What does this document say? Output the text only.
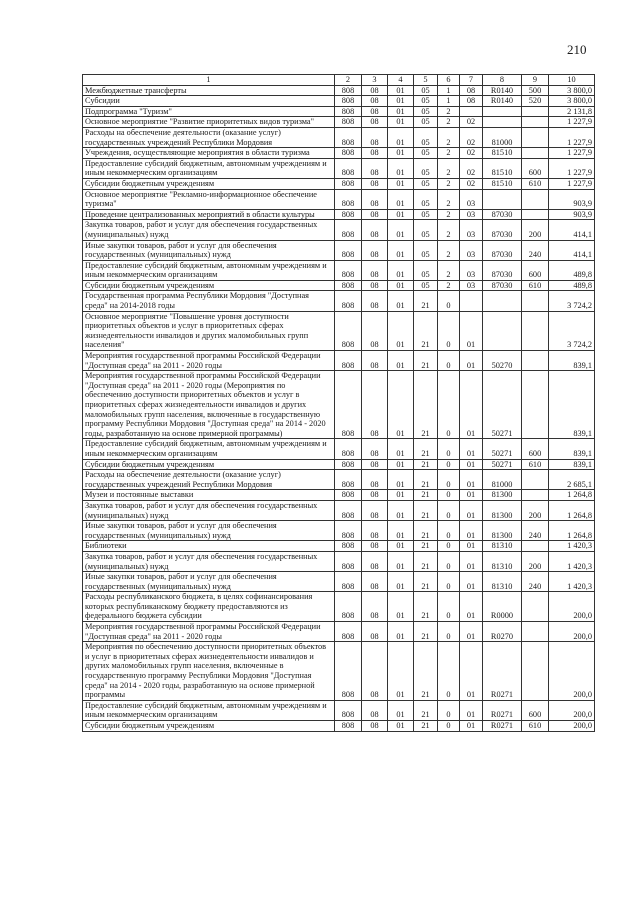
210
1	2	3	4	5	6	7	8	9	10
Межбюджетные трансферты	808	08	01	05	1	08	R0140	500	3 800,0
Субсидии	808	08	01	05	1	08	R0140	520	3 800,0
Подпрограмма "Туризм"	808	08	01	05	2				2 131,8
Основное мероприятие "Развитие приоритетных видов туризма"	808	08	01	05	2	02			1 227,9
Расходы на обеспечение деятельности (оказание услуг) государственных учреждений Республики Мордовия	808	08	01	05	2	02	81000		1 227,9
Учреждения, осуществляющие мероприятия в области туризма	808	08	01	05	2	02	81510		1 227,9
Предоставление субсидий бюджетным, автономным учреждениям и иным некоммерческим организациям	808	08	01	05	2	02	81510	600	1 227,9
Субсидии бюджетным учреждениям	808	08	01	05	2	02	81510	610	1 227,9
Основное мероприятие "Рекламно-информационное обеспечение туризма"	808	08	01	05	2	03			903,9
Проведение централизованных мероприятий в области культуры	808	08	01	05	2	03	87030		903,9
Закупка товаров, работ и услуг для обеспечения государственных (муниципальных) нужд	808	08	01	05	2	03	87030	200	414,1
Иные закупки товаров, работ и услуг для обеспечения государственных (муниципальных) нужд	808	08	01	05	2	03	87030	240	414,1
Предоставление субсидий бюджетным, автономным учреждениям и иным некоммерческим организациям	808	08	01	05	2	03	87030	600	489,8
Субсидии бюджетным учреждениям	808	08	01	05	2	03	87030	610	489,8
Государственная программа Республики Мордовия "Доступная среда" на 2014-2018 годы	808	08	01	21	0				3 724,2
Основное мероприятие "Повышение уровня доступности приоритетных объектов и услуг в приоритетных сферах жизнедеятельности инвалидов и других маломобильных групп населения"	808	08	01	21	0	01			3 724,2
Мероприятия государственной программы Российской Федерации "Доступная среда" на 2011 - 2020 годы	808	08	01	21	0	01	50270		839,1
Мероприятия государственной программы Российской Федерации "Доступная среда" на 2011 - 2020 годы (Мероприятия по обеспечению доступности приоритетных объектов и услуг в приоритетных сферах жизнедеятельности инвалидов и других маломобильных групп населения, включенные в государственную программу Республики Мордовия "Доступная среда" на 2014 - 2020 годы, разработанную на основе примерной программы)	808	08	01	21	0	01	50271		839,1
Предоставление субсидий бюджетным, автономным учреждениям и иным некоммерческим организациям	808	08	01	21	0	01	50271	600	839,1
Субсидии бюджетным учреждениям	808	08	01	21	0	01	50271	610	839,1
Расходы на обеспечение деятельности (оказание услуг) государственных учреждений Республики Мордовия	808	08	01	21	0	01	81000		2 685,1
Музеи и постоянные выставки	808	08	01	21	0	01	81300		1 264,8
Закупка товаров, работ и услуг для обеспечения государственных (муниципальных) нужд	808	08	01	21	0	01	81300	200	1 264,8
Иные закупки товаров, работ и услуг для обеспечения государственных (муниципальных) нужд	808	08	01	21	0	01	81300	240	1 264,8
Библиотеки	808	08	01	21	0	01	81310		1 420,3
Закупка товаров, работ и услуг для обеспечения государственных (муниципальных) нужд	808	08	01	21	0	01	81310	200	1 420,3
Иные закупки товаров, работ и услуг для обеспечения государственных (муниципальных) нужд	808	08	01	21	0	01	81310	240	1 420,3
Расходы республиканского бюджета, в целях софинансирования которых республиканскому бюджету предоставляются из федерального бюджета субсидии	808	08	01	21	0	01	R0000		200,0
Мероприятия государственной программы Российской Федерации "Доступная среда" на 2011 - 2020 годы	808	08	01	21	0	01	R0270		200,0
Мероприятия по обеспечению доступности приоритетных объектов и услуг в приоритетных сферах жизнедеятельности инвалидов и других маломобильных групп населения, включенные в государственную программу Республики Мордовия "Доступная среда" на 2014 - 2020 годы, разработанную на основе примерной программы	808	08	01	21	0	01	R0271		200,0
Предоставление субсидий бюджетным, автономным учреждениям и иным некоммерческим организациям	808	08	01	21	0	01	R0271	600	200,0
Субсидии бюджетным учреждениям	808	08	01	21	0	01	R0271	610	200,0
